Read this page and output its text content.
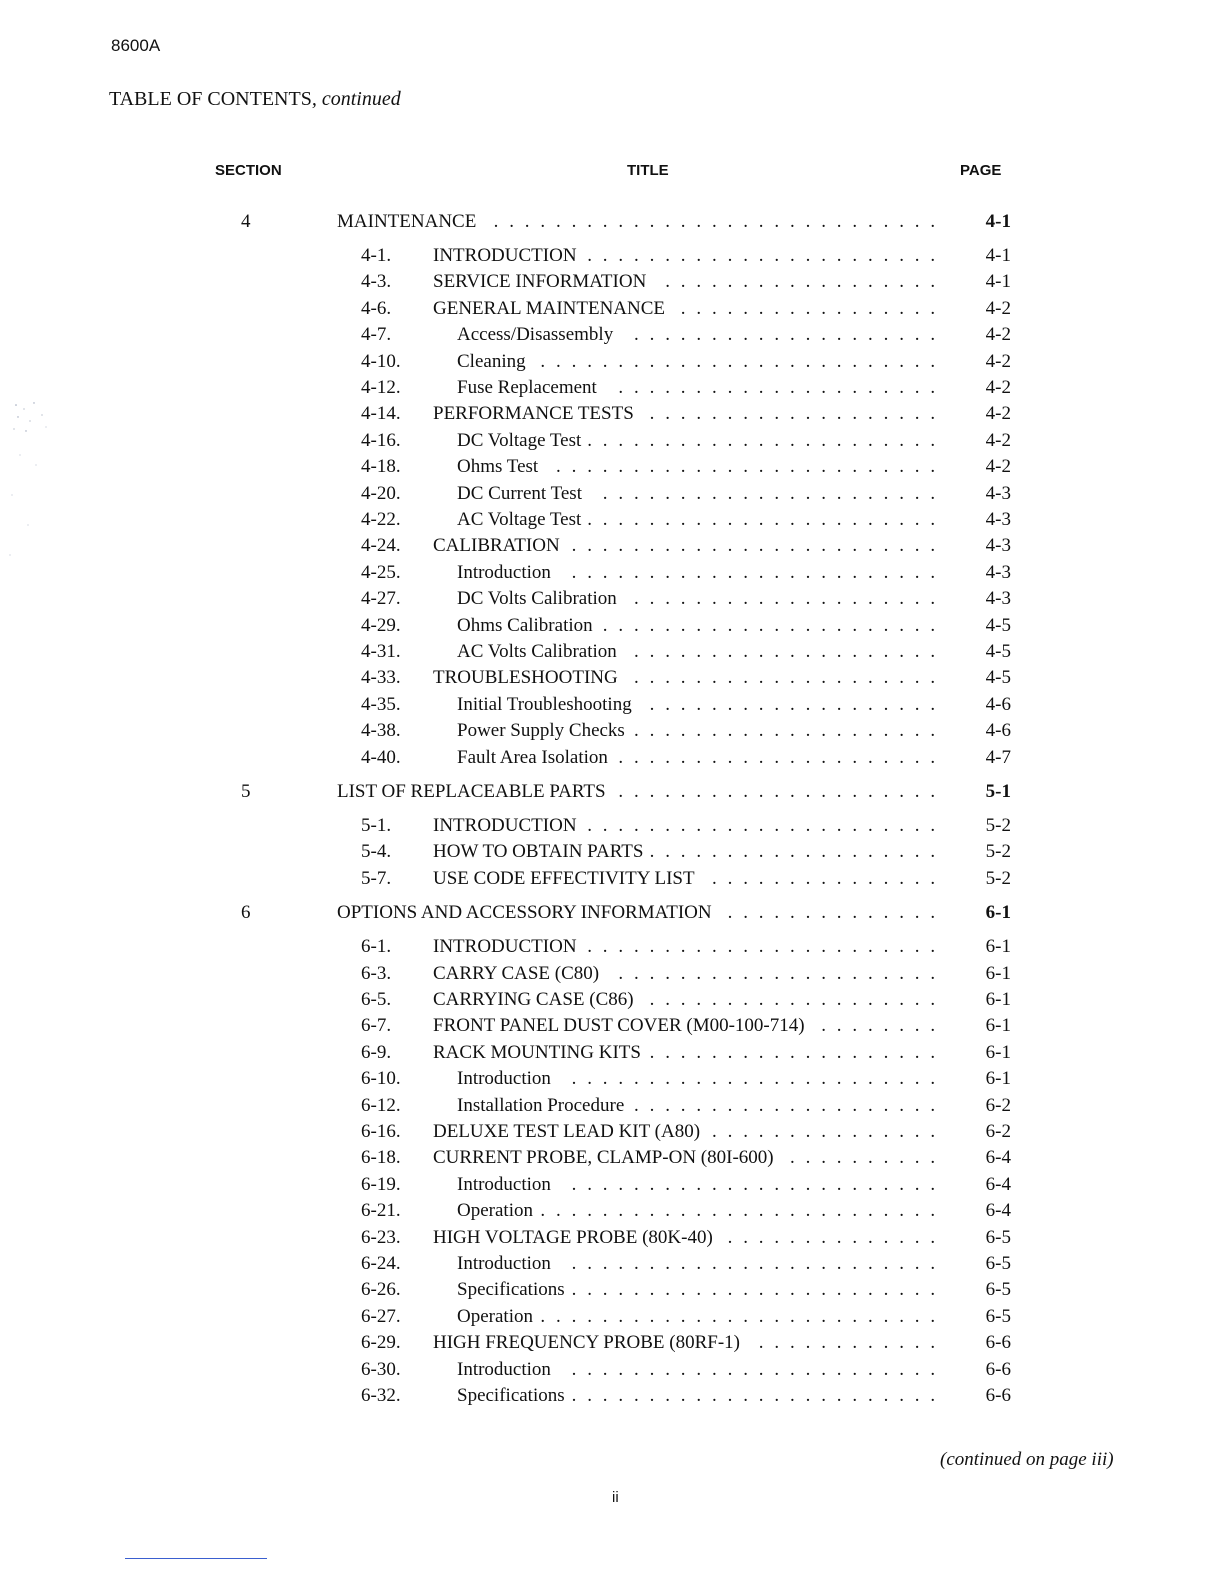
8600A
TABLE OF CONTENTS, continued
SECTION	TITLE	PAGE
4	MAINTENANCE . . . . . . . . . . . . . . . . . . . . . . . . . . . . .	4-1
4-1. INTRODUCTION . . . . . . . . . . . . . . . . . . . . . . .	4-1
4-3. SERVICE INFORMATION . . . . . . . . . . . . . . . . . .	4-1
4-6. GENERAL MAINTENANCE . . . . . . . . . . . . . . . . .	4-2
4-7.	Access/Disassembly . . . . . . . . . . . . . . . . . . . .	4-2
4-10.	Cleaning . . . . . . . . . . . . . . . . . . . . . . . . . .	4-2
4-12.	Fuse Replacement . . . . . . . . . . . . . . . . . . . . .	4-2
4-14. PERFORMANCE TESTS . . . . . . . . . . . . . . . . . . .	4-2
4-16.	DC Voltage Test . . . . . . . . . . . . . . . . . . . . . . .	4-2
4-18.	Ohms Test . . . . . . . . . . . . . . . . . . . . . . . . .	4-2
4-20.	DC Current Test . . . . . . . . . . . . . . . . . . . . . .	4-3
4-22.	AC Voltage Test . . . . . . . . . . . . . . . . . . . . . . .	4-3
4-24. CALIBRATION . . . . . . . . . . . . . . . . . . . . . . . .	4-3
4-25.	Introduction . . . . . . . . . . . . . . . . . . . . . . . .	4-3
4-27.	DC Volts Calibration . . . . . . . . . . . . . . . . . . . .	4-3
4-29.	Ohms Calibration . . . . . . . . . . . . . . . . . . . . . .	4-5
4-31.	AC Volts Calibration . . . . . . . . . . . . . . . . . . . .	4-5
4-33. TROUBLESHOOTING . . . . . . . . . . . . . . . . . . . .	4-5
4-35.	Initial Troubleshooting . . . . . . . . . . . . . . . . . . .	4-6
4-38.	Power Supply Checks . . . . . . . . . . . . . . . . . . . .	4-6
4-40.	Fault Area Isolation . . . . . . . . . . . . . . . . . . . . .	4-7
5	LIST OF REPLACEABLE PARTS . . . . . . . . . . . . . . . . . . . . .	5-1
5-1. INTRODUCTION . . . . . . . . . . . . . . . . . . . . . . .	5-2
5-4. HOW TO OBTAIN PARTS . . . . . . . . . . . . . . . . . . .	5-2
5-7. USE CODE EFFECTIVITY LIST . . . . . . . . . . . . . . .	5-2
6	OPTIONS AND ACCESSORY INFORMATION . . . . . . . . . . . . . .	6-1
6-1. INTRODUCTION . . . . . . . . . . . . . . . . . . . . . . .	6-1
6-3. CARRY CASE (C80) . . . . . . . . . . . . . . . . . . . . .	6-1
6-5. CARRYING CASE (C86) . . . . . . . . . . . . . . . . . . .	6-1
6-7. FRONT PANEL DUST COVER (M00-100-714) . . . . . . . .	6-1
6-9. RACK MOUNTING KITS . . . . . . . . . . . . . . . . . . .	6-1
6-10.	Introduction . . . . . . . . . . . . . . . . . . . . . . . .	6-1
6-12.	Installation Procedure . . . . . . . . . . . . . . . . . . . .	6-2
6-16. DELUXE TEST LEAD KIT (A80) . . . . . . . . . . . . . . .	6-2
6-18. CURRENT PROBE, CLAMP-ON (80I-600) . . . . . . . . . .	6-4
6-19.	Introduction . . . . . . . . . . . . . . . . . . . . . . . .	6-4
6-21.	Operation . . . . . . . . . . . . . . . . . . . . . . . . . .	6-4
6-23. HIGH VOLTAGE PROBE (80K-40) . . . . . . . . . . . . . .	6-5
6-24.	Introduction . . . . . . . . . . . . . . . . . . . . . . . .	6-5
6-26.	Specifications . . . . . . . . . . . . . . . . . . . . . . . .	6-5
6-27.	Operation . . . . . . . . . . . . . . . . . . . . . . . . . .	6-5
6-29. HIGH FREQUENCY PROBE (80RF-1) . . . . . . . . . . . .	6-6
6-30.	Introduction . . . . . . . . . . . . . . . . . . . . . . . .	6-6
6-32.	Specifications . . . . . . . . . . . . . . . . . . . . . . . .	6-6
(continued on page iii)
ii
